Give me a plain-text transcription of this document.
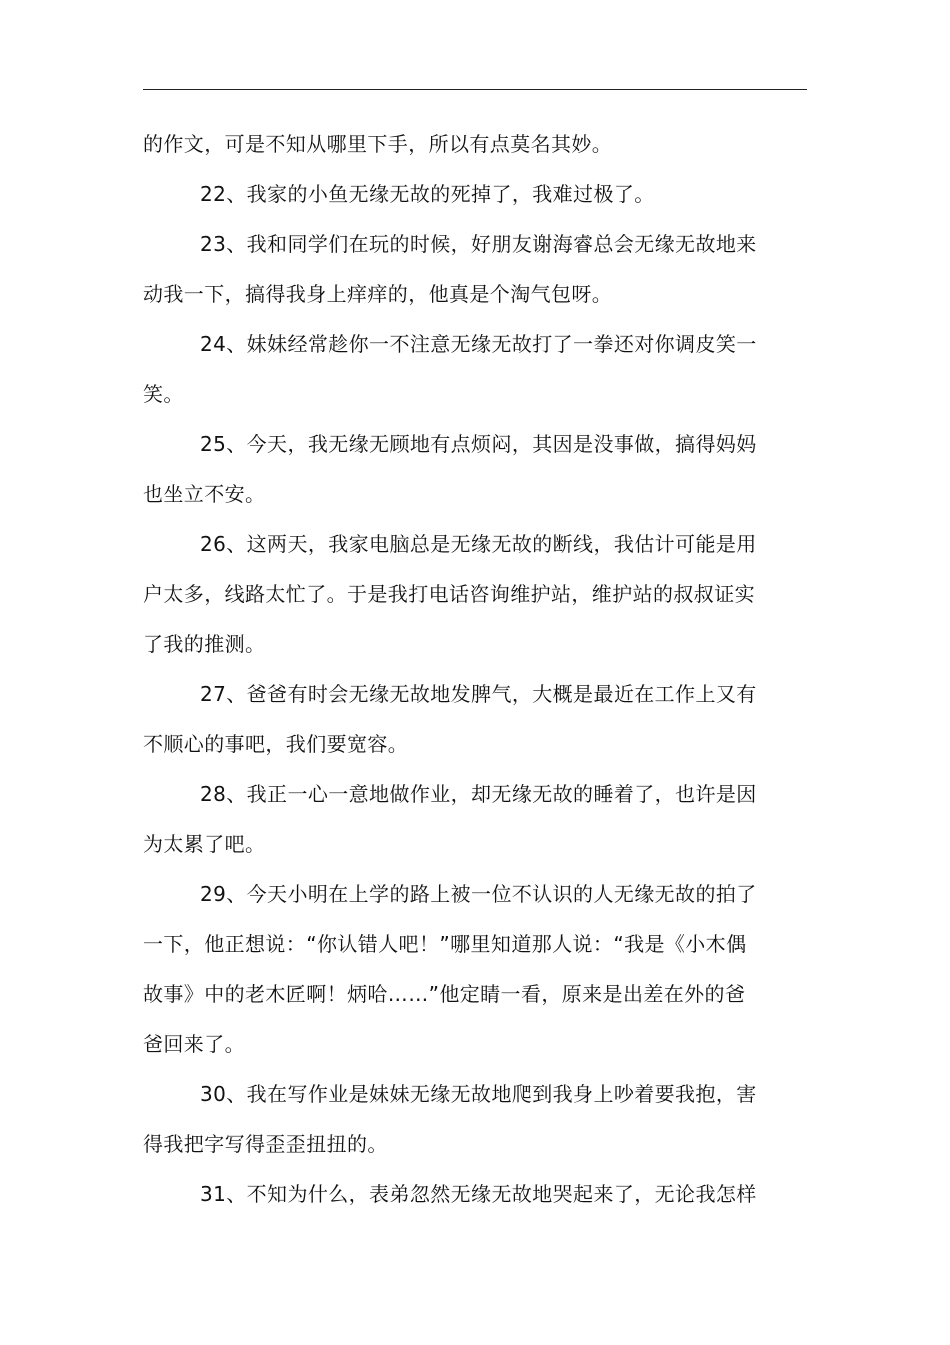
的作文，可是不知从哪里下手，所以有点莫名其妙。
22、我家的小鱼无缘无故的死掉了，我难过极了。
23、我和同学们在玩的时候，好朋友谢海睿总会无缘无故地来
动我一下，搞得我身上痒痒的，他真是个淘气包呀。
24、妹妹经常趁你一不注意无缘无故打了一拳还对你调皮笑一
笑。
25、今天，我无缘无顾地有点烦闷，其因是没事做，搞得妈妈
也坐立不安。
26、这两天，我家电脑总是无缘无故的断线，我估计可能是用
户太多，线路太忙了。于是我打电话咨询维护站，维护站的叔叔证实
了我的推测。
27、爸爸有时会无缘无故地发脾气，大概是最近在工作上又有
不顺心的事吧，我们要宽容。
28、我正一心一意地做作业，却无缘无故的睡着了，也许是因
为太累了吧。
29、今天小明在上学的路上被一位不认识的人无缘无故的拍了
一下，他正想说：“你认错人吧！”哪里知道那人说：“我是《小木偶
故事》中的老木匠啊！炳哈……”他定睛一看，原来是出差在外的爸
爸回来了。
30、我在写作业是妹妹无缘无故地爬到我身上吵着要我抱，害
得我把字写得歪歪扭扭的。
31、不知为什么，表弟忽然无缘无故地哭起来了，无论我怎样
